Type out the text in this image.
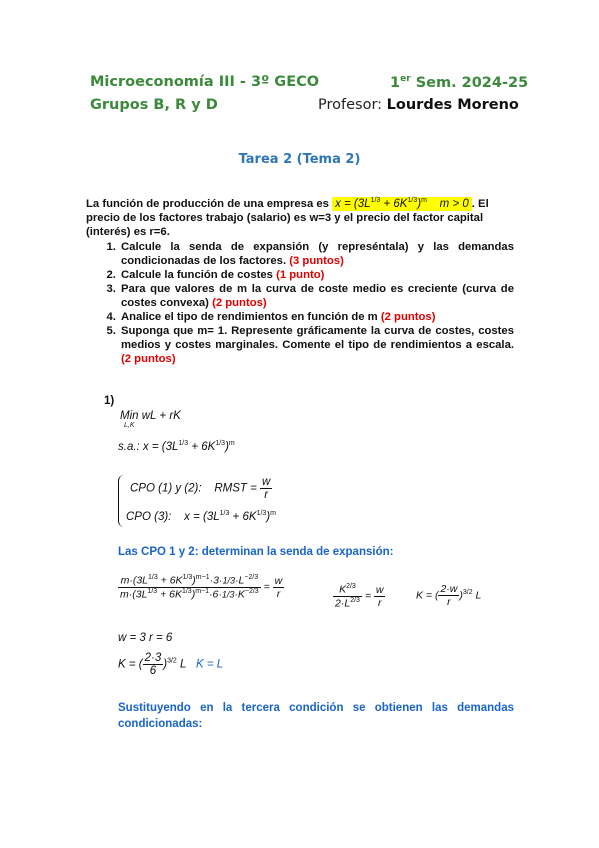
Microeconomía III - 3º GECO	1er Sem. 2024-25
Grupos B, R y D	Profesor: Lourdes Moreno
Tarea 2 (Tema 2)
La función de producción de una empresa es $x = (3L^{1/3} + 6K^{1/3})^m$    m > 0 . El
precio de los factores trabajo (salario) es w=3 y el precio del factor capital
(interés) es r=6.
1. Calcule la senda de expansión (y represéntala) y las demandas condicionadas de los factores. (3 puntos)
2. Calcule la función de costes (1 punto)
3. Para que valores de m la curva de coste medio es creciente (curva de costes convexa) (2 puntos)
4. Analice el tipo de rendimientos en función de m (2 puntos)
5. Suponga que m= 1. Represente gráficamente la curva de costes, costes medios y costes marginales. Comente el tipo de rendimientos a escala. (2 puntos)
1)
Min wL + rK
L,K
s.a.: $x = (3L^{1/3} + 6K^{1/3})^m$
CPO (1) y (2):    RMST = $\frac{w}{r}$
CPO (3):    $x = (3L^{1/3} + 6K^{1/3})^m$
Las CPO 1 y 2: determinan la senda de expansión:
$\frac{m\cdot(3L^{1/3} + 6K^{1/3})^{m-1}\cdot 3\cdot 1/3\cdot L^{-2/3}}{m\cdot(3L^{1/3} + 6K^{1/3})^{m-1}\cdot 6\cdot 1/3\cdot K^{-2/3}} = \frac{w}{r}$	$\frac{K^{2/3}}{2\cdot L^{2/3}} = \frac{w}{r}$	K = ( $\frac{2\cdot w}{r} )^{3/2}$ L
w = 3 r = 6
K = ( $\frac{2\cdot 3}{6} )^{3/2}$ L   K = L
Sustituyendo en la tercera condición se obtienen las demandas condicionadas:
